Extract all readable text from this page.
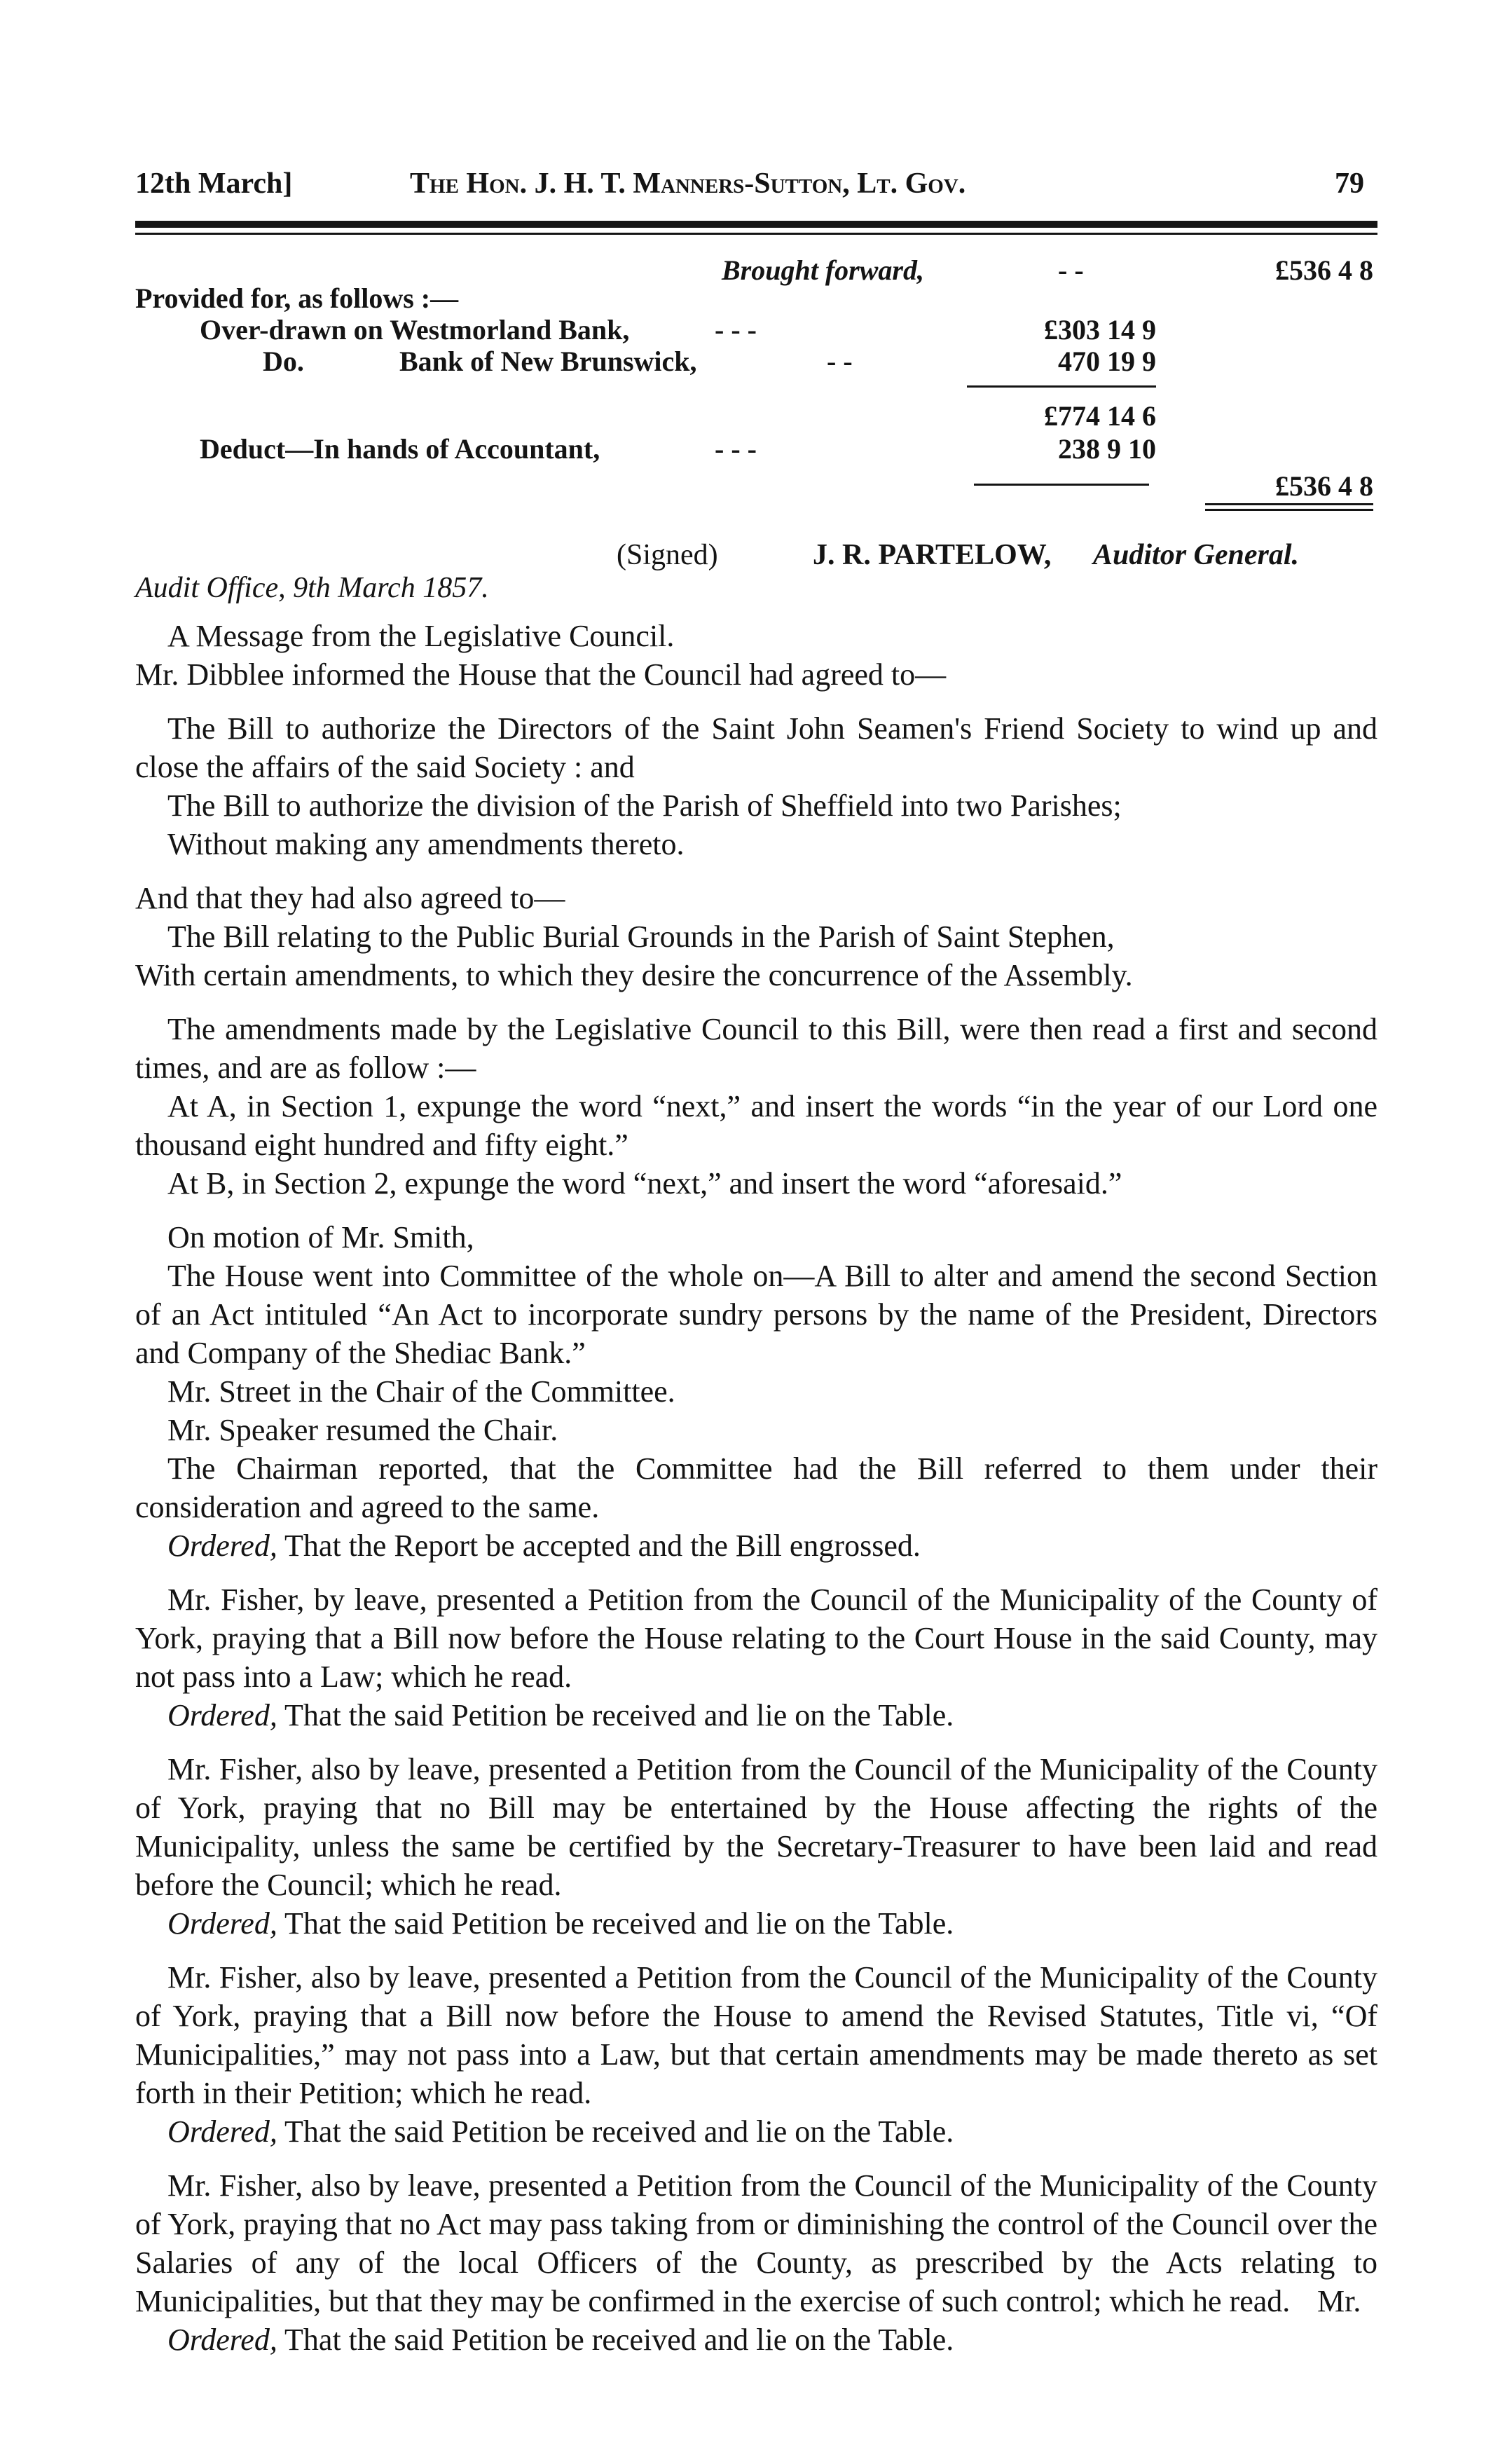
12th March]	The Hon. J. H. T. Manners-Sutton, Lt. Gov.	79
Brought forward,	- -	£536 4 8
Provided for, as follows :—
Over-drawn on Westmorland Bank,	- - -	£303 14 9
Do.	Bank of New Brunswick,	- -	470 19 9
£774 14 6
Deduct—In hands of Accountant,	- - -	238 9 10
£536 4 8
(Signed)	J. R. PARTELOW, Auditor General.
Audit Office, 9th March 1857.

A Message from the Legislative Council.

Mr. Dibblee informed the House that the Council had agreed to—

The Bill to authorize the Directors of the Saint John Seamen's Friend Society to wind up and close the affairs of the said Society : and

The Bill to authorize the division of the Parish of Sheffield into two Parishes;

Without making any amendments thereto.

And that they had also agreed to—

The Bill relating to the Public Burial Grounds in the Parish of Saint Stephen,

With certain amendments, to which they desire the concurrence of the Assembly.

The amendments made by the Legislative Council to this Bill, were then read a first and second times, and are as follow :—

At A, in Section 1, expunge the word “next,” and insert the words “in the year of our Lord one thousand eight hundred and fifty eight.”

At B, in Section 2, expunge the word “next,” and insert the word “aforesaid.”

On motion of Mr. Smith,

The House went into Committee of the whole on—A Bill to alter and amend the second Section of an Act intituled “An Act to incorporate sundry persons by the name of the President, Directors and Company of the Shediac Bank.”

Mr. Street in the Chair of the Committee.

Mr. Speaker resumed the Chair.

The Chairman reported, that the Committee had the Bill referred to them under their consideration and agreed to the same.

Ordered, That the Report be accepted and the Bill engrossed.

Mr. Fisher, by leave, presented a Petition from the Council of the Municipality of the County of York, praying that a Bill now before the House relating to the Court House in the said County, may not pass into a Law; which he read.

Ordered, That the said Petition be received and lie on the Table.

Mr. Fisher, also by leave, presented a Petition from the Council of the Municipality of the County of York, praying that no Bill may be entertained by the House affecting the rights of the Municipality, unless the same be certified by the Secretary-Treasurer to have been laid and read before the Council; which he read.

Ordered, That the said Petition be received and lie on the Table.

Mr. Fisher, also by leave, presented a Petition from the Council of the Municipality of the County of York, praying that a Bill now before the House to amend the Revised Statutes, Title vi, “Of Municipalities,” may not pass into a Law, but that certain amendments may be made thereto as set forth in their Petition; which he read.

Ordered, That the said Petition be received and lie on the Table.

Mr. Fisher, also by leave, presented a Petition from the Council of the Municipality of the County of York, praying that no Act may pass taking from or diminishing the control of the Council over the Salaries of any of the local Officers of the County, as prescribed by the Acts relating to Municipalities, but that they may be confirmed in the exercise of such control; which he read.

Ordered, That the said Petition be received and lie on the Table.

Mr.
